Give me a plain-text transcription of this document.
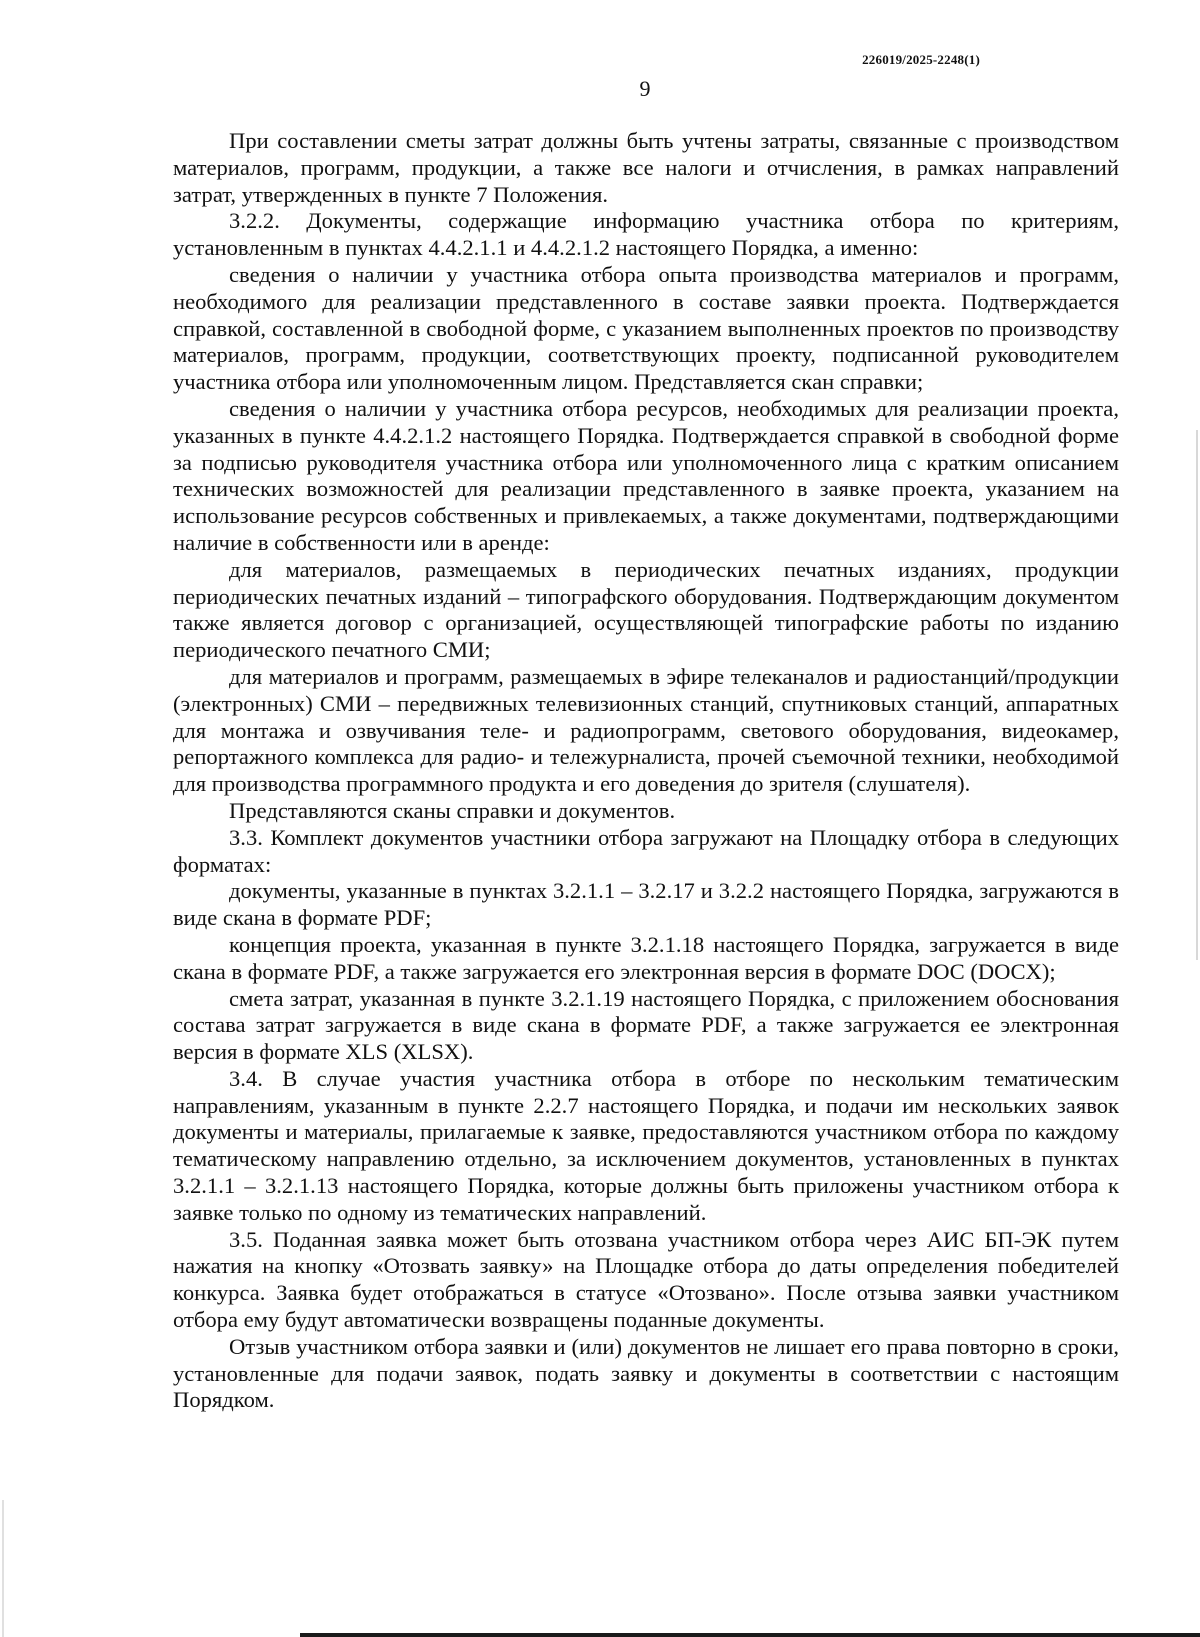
226019/2025-2248(1)
9

При составлении сметы затрат должны быть учтены затраты, связанные с производством материалов, программ, продукции, а также все налоги и отчисления, в рамках направлений затрат, утвержденных в пункте 7 Положения.

3.2.2. Документы, содержащие информацию участника отбора по критериям, установленным в пунктах 4.4.2.1.1 и 4.4.2.1.2 настоящего Порядка, а именно:

сведения о наличии у участника отбора опыта производства материалов и программ, необходимого для реализации представленного в составе заявки проекта. Подтверждается справкой, составленной в свободной форме, с указанием выполненных проектов по производству материалов, программ, продукции, соответствующих проекту, подписанной руководителем участника отбора или уполномоченным лицом. Представляется скан справки;

сведения о наличии у участника отбора ресурсов, необходимых для реализации проекта, указанных в пункте 4.4.2.1.2 настоящего Порядка. Подтверждается справкой в свободной форме за подписью руководителя участника отбора или уполномоченного лица с кратким описанием технических возможностей для реализации представленного в заявке проекта, указанием на использование ресурсов собственных и привлекаемых, а также документами, подтверждающими наличие в собственности или в аренде:

для материалов, размещаемых в периодических печатных изданиях, продукции периодических печатных изданий – типографского оборудования. Подтверждающим документом также является договор с организацией, осуществляющей типографские работы по изданию периодического печатного СМИ;

для материалов и программ, размещаемых в эфире телеканалов и радиостанций/продукции (электронных) СМИ – передвижных телевизионных станций, спутниковых станций, аппаратных для монтажа и озвучивания теле- и радиопрограмм, светового оборудования, видеокамер, репортажного комплекса для радио- и тележурналиста, прочей съемочной техники, необходимой для производства программного продукта и его доведения до зрителя (слушателя).

Представляются сканы справки и документов.

3.3. Комплект документов участники отбора загружают на Площадку отбора в следующих форматах:

документы, указанные в пунктах 3.2.1.1 – 3.2.17 и 3.2.2 настоящего Порядка, загружаются в виде скана в формате PDF;

концепция проекта, указанная в пункте 3.2.1.18 настоящего Порядка, загружается в виде скана в формате PDF, а также загружается его электронная версия в формате DOC (DOCX);

смета затрат, указанная в пункте 3.2.1.19 настоящего Порядка, с приложением обоснования состава затрат загружается в виде скана в формате PDF, а также загружается ее электронная версия в формате XLS (XLSX).

3.4. В случае участия участника отбора в отборе по нескольким тематическим направлениям, указанным в пункте 2.2.7 настоящего Порядка, и подачи им нескольких заявок документы и материалы, прилагаемые к заявке, предоставляются участником отбора по каждому тематическому направлению отдельно, за исключением документов, установленных в пунктах 3.2.1.1 – 3.2.1.13 настоящего Порядка, которые должны быть приложены участником отбора к заявке только по одному из тематических направлений.

3.5. Поданная заявка может быть отозвана участником отбора через АИС БП-ЭК путем нажатия на кнопку «Отозвать заявку» на Площадке отбора до даты определения победителей конкурса. Заявка будет отображаться в статусе «Отозвано». После отзыва заявки участником отбора ему будут автоматически возвращены поданные документы.

Отзыв участником отбора заявки и (или) документов не лишает его права повторно в сроки, установленные для подачи заявок, подать заявку и документы в соответствии с настоящим Порядком.
